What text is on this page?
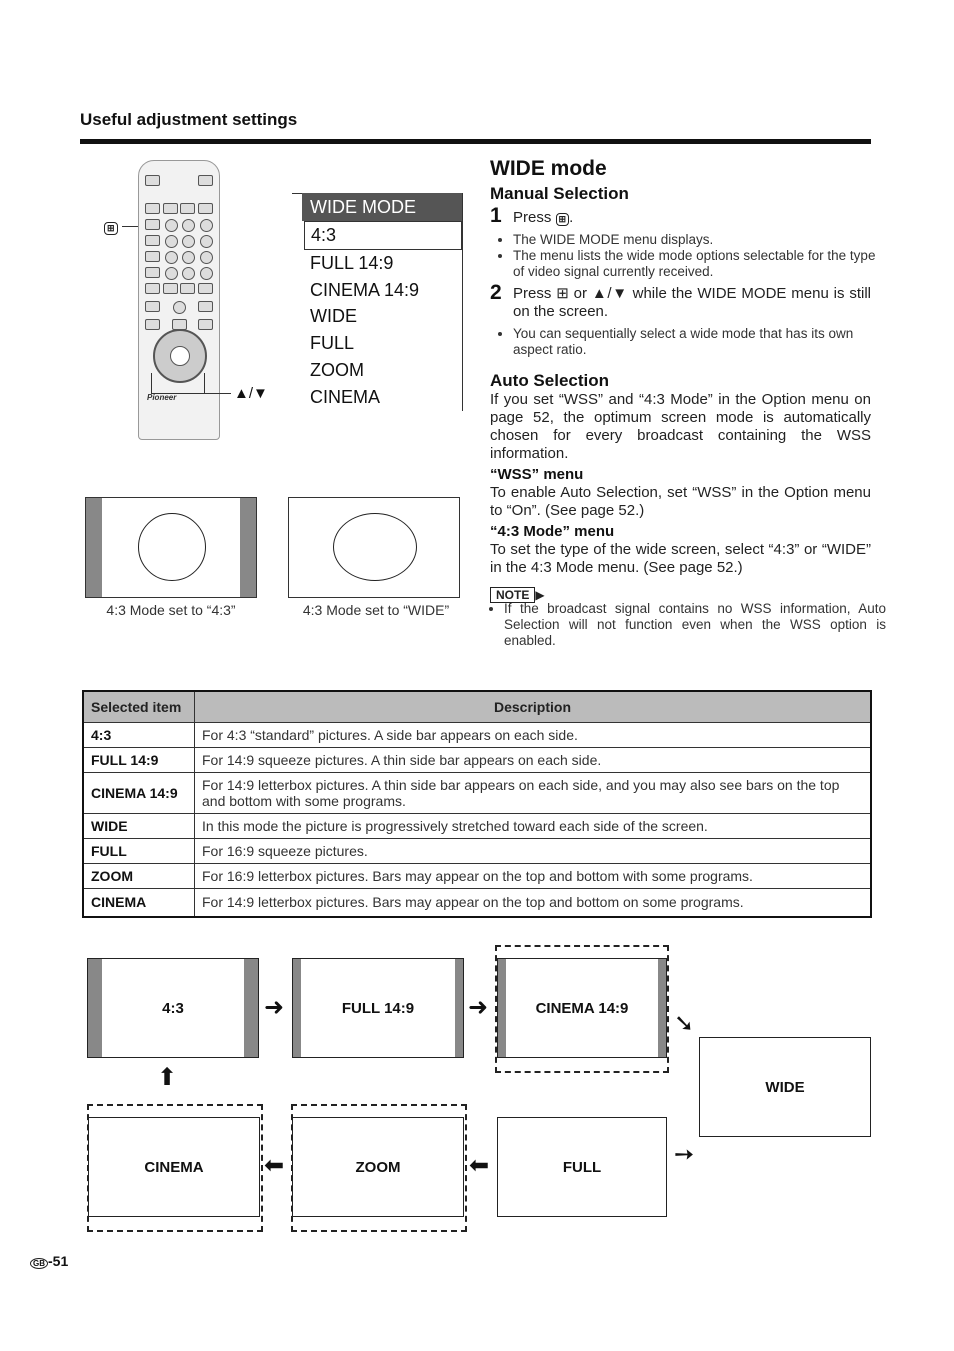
Useful adjustment settings
⊞
Pioneer	▲/▼
WIDE MODE
4:3
FULL 14:9
CINEMA 14:9
WIDE
FULL
ZOOM
CINEMA
4:3 Mode set to “4:3”	4:3 Mode set to “WIDE”
WIDE mode
Manual Selection
1 Press ⊞ .
• The WIDE MODE menu displays.
• The menu lists the wide mode options selectable for the type of video signal currently received.
2 Press ⊞ or ▲/▼ while the WIDE MODE menu is still on the screen.
• You can sequentially select a wide mode that has its own aspect ratio.
Auto Selection
If you set “WSS” and “4:3 Mode” in the Option menu on page 52, the optimum screen mode is automatically chosen for every broadcast containing the WSS information.
“WSS” menu
To enable Auto Selection, set “WSS” in the Option menu to “On”. (See page 52.)
“4:3 Mode” menu
To set the type of the wide screen, select “4:3” or “WIDE” in the 4:3 Mode menu. (See page 52.)
NOTE ▶
• If the broadcast signal contains no WSS information, Auto Selection will not function even when the WSS option is enabled.
Selected item	Description
4:3	For 4:3 “standard” pictures. A side bar appears on each side.
FULL 14:9	For 14:9 squeeze pictures. A thin side bar appears on each side.
CINEMA 14:9	For 14:9 letterbox pictures. A thin side bar appears on each side, and you may also see bars on the top and bottom with some programs.
WIDE	In this mode the picture is progressively stretched toward each side of the screen.
FULL	For 16:9 squeeze pictures.
ZOOM	For 16:9 letterbox pictures. Bars may appear on the top and bottom with some programs.
CINEMA	For 14:9 letterbox pictures. Bars may appear on the top and bottom on some programs.
4:3	➜	FULL 14:9 ➜	CINEMA 14:9
➘
WIDE
➙
FULL
⬅
ZOOM
⬅
CINEMA
⬆
GB -51
